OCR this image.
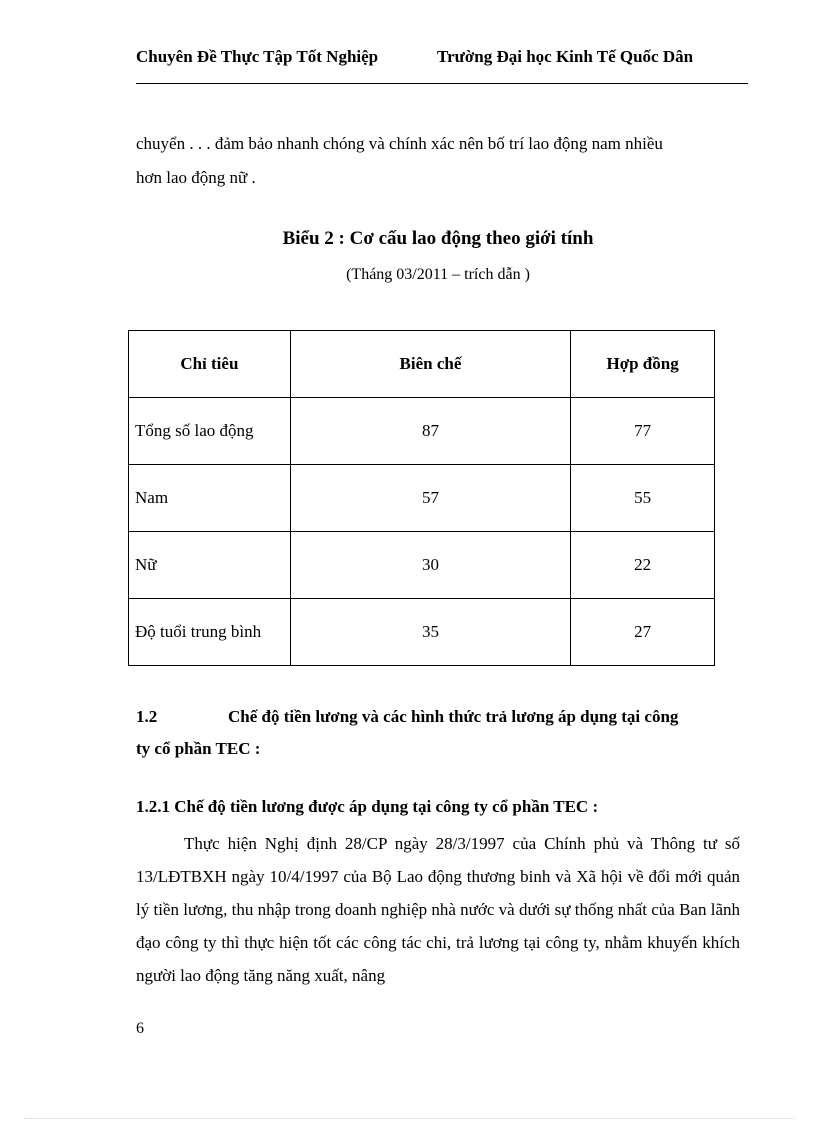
Chuyên Đề Thực Tập Tốt Nghiệp	Trường Đại học Kinh Tế Quốc Dân
chuyển . . . đảm bảo nhanh chóng và chính xác nên bố trí lao động nam nhiều
hơn lao động nữ .
Biểu 2 : Cơ cấu lao động theo giới tính
(Tháng 03/2011 – trích dẫn )
Chỉ tiêu	Biên chế	Hợp đồng
Tổng số lao động	87	77
Nam	57	55
Nữ	30	22
Độ tuổi trung bình	35	27
1.2	Chế độ tiền lương và các hình thức trả lương áp dụng tại công
ty cổ phần TEC :
1.2.1 Chế độ tiền lương được áp dụng tại công ty cổ phần TEC :

Thực hiện Nghị định 28/CP ngày 28/3/1997 của Chính phủ và Thông tư số 13/LĐTBXH ngày 10/4/1997 của Bộ Lao động thương binh và Xã hội về đổi mới quản lý tiền lương, thu nhập trong doanh nghiệp nhà nước và dưới sự thống nhất của Ban lãnh đạo công ty thì thực hiện tốt các công tác chi, trả lương tại công ty, nhằm khuyến khích người lao động tăng năng xuất, nâng

6
